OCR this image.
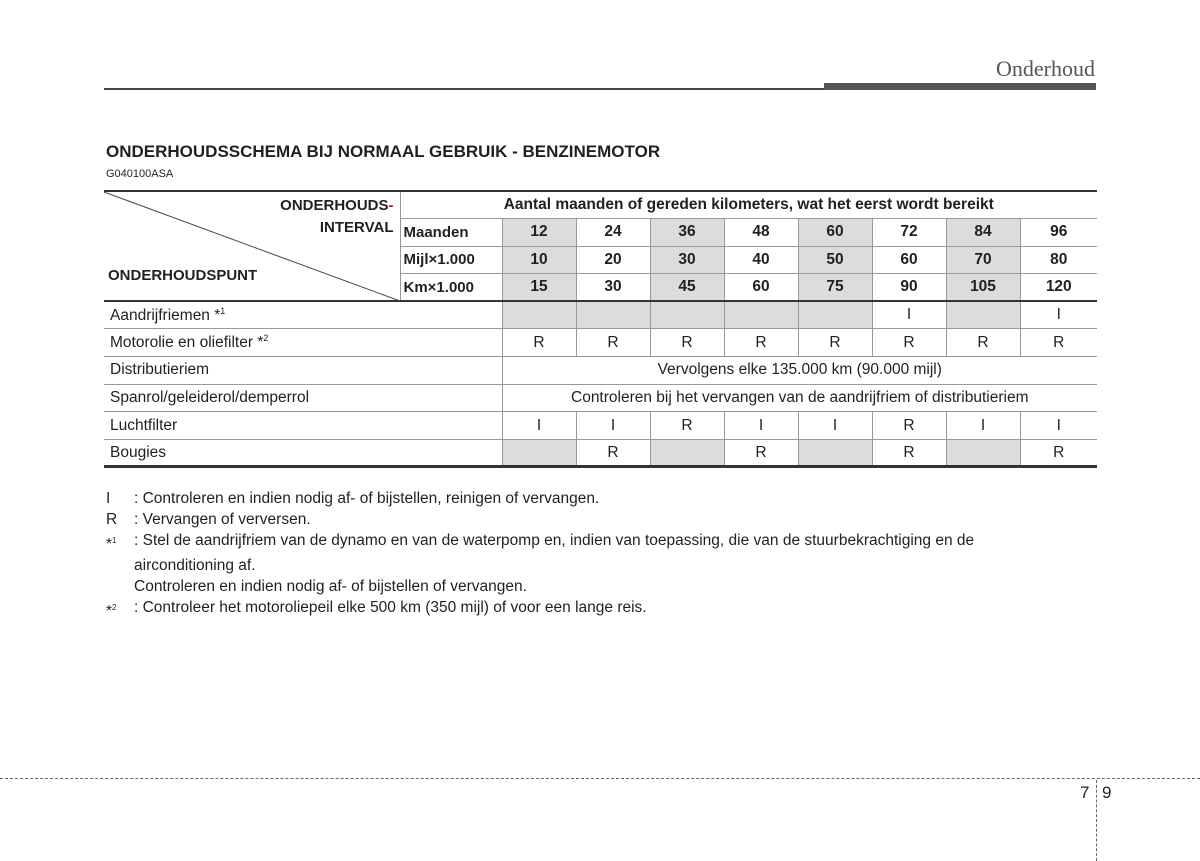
Onderhoud
ONDERHOUDSSCHEMA BIJ NORMAAL GEBRUIK - BENZINEMOTOR
G040100ASA
ONDERHOUDS-
INTERVAL
ONDERHOUDSPUNT	Aantal maanden of gereden kilometers, wat het eerst wordt bereikt								
	Maanden	12	24	36	48	60	72	84	96
	Mijl×1.000	10	20	30	40	50	60	70	80
	Km×1.000	15	30	45	60	75	90	105	120
Aandrijfriemen *$^1$							I		I
Motorolie en oliefilter *$^2$		R	R	R	R	R	R	R	R
Distributieriem		Vervolgens elke 135.000 km (90.000 mijl)							
Spanrol/geleiderol/demperrol		Controleren bij het vervangen van de aandrijfriem of distributieriem							
Luchtfilter		I	I	R	I	I	R	I	I
Bougies			R		R		R		R
I	: Controleren en indien nodig af- of bijstellen, reinigen of vervangen.
R	: Vervangen of verversen.
*$^1$	: Stel de aandrijfriem van de dynamo en van de waterpomp en, indien van toepassing, die van de stuurbekrachtiging en de
airconditioning af.
Controleren en indien nodig af- of bijstellen of vervangen.
*$^2$	: Controleer het motoroliepeil elke 500 km (350 mijl) of voor een lange reis.
7 9
